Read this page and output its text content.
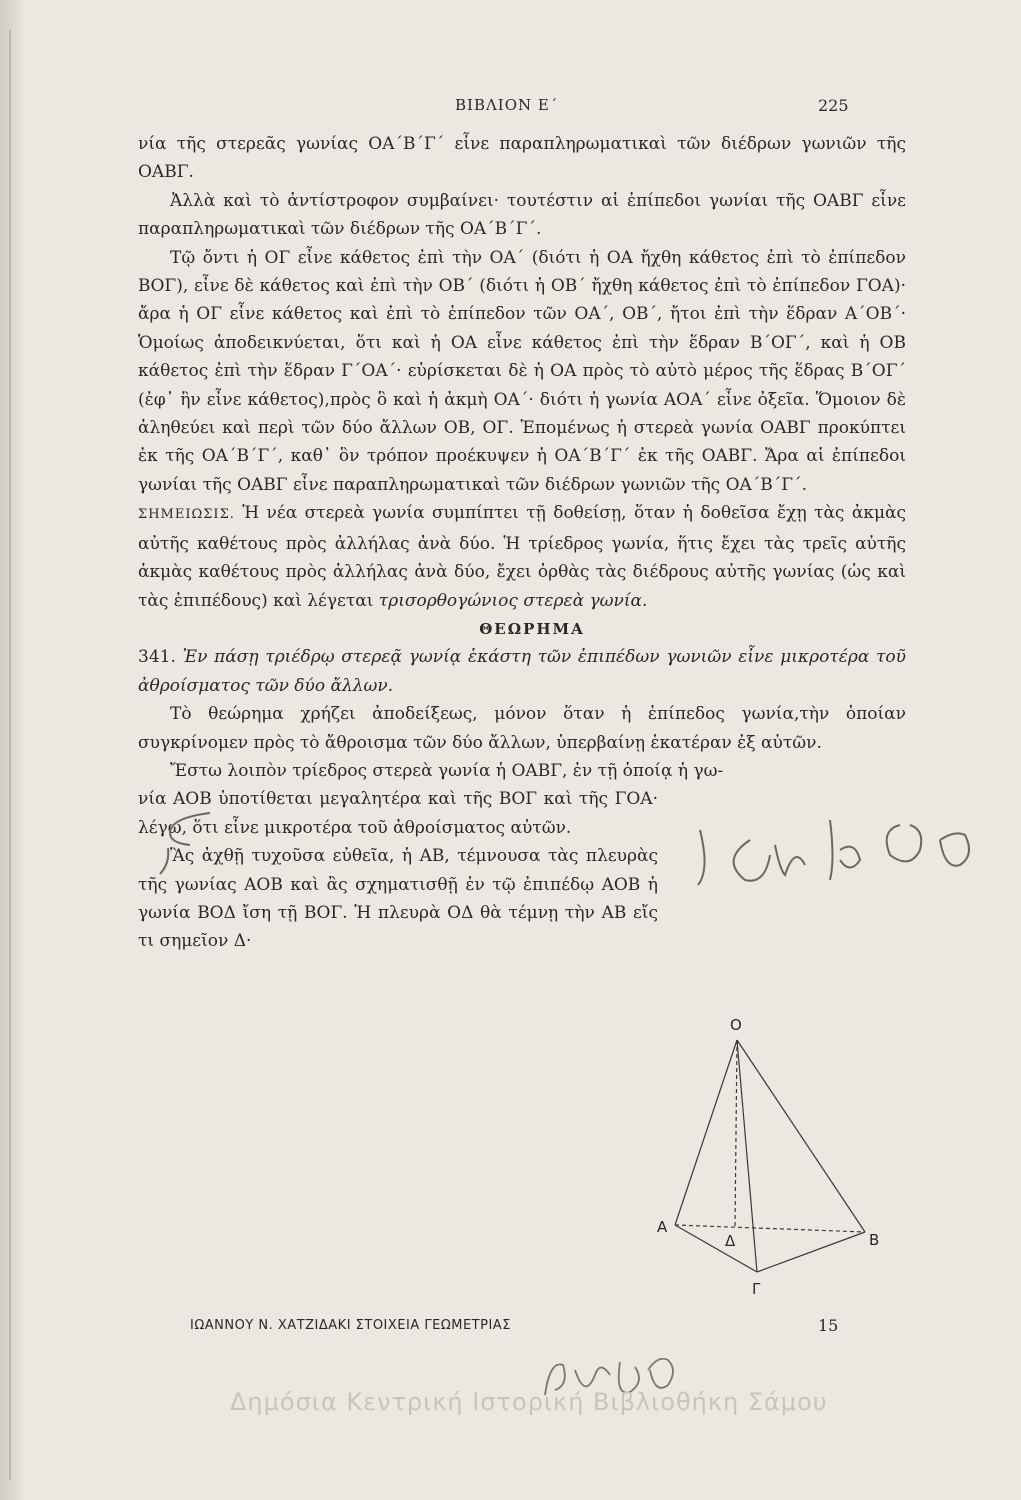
ΒΙΒΛΙΟΝ Ε΄	225

νία τῆς στερεᾶς γωνίας ΟΑ΄Β΄Γ΄ εἶνε παραπληρωματικαὶ τῶν διέδρων γωνιῶν τῆς ΟΑΒΓ.

Ἀλλὰ καὶ τὸ ἀντίστροφον συμβαίνει· τουτέστιν αἱ ἐπίπεδοι γωνίαι τῆς ΟΑΒΓ εἶνε παραπληρωματικαὶ τῶν διέδρων τῆς ΟΑ΄Β΄Γ΄.

Τῷ ὄντι ἡ ΟΓ εἶνε κάθετος ἐπὶ τὴν ΟΑ΄ (διότι ἡ ΟΑ ἤχθη κάθετος ἐπὶ τὸ ἐπίπεδον ΒΟΓ), εἶνε δὲ κάθετος καὶ ἐπὶ τὴν ΟΒ΄ (διότι ἡ ΟΒ΄ ἤχθη κάθετος ἐπὶ τὸ ἐπίπεδον ΓΟΑ)· ἄρα ἡ ΟΓ εἶνε κάθετος καὶ ἐπὶ τὸ ἐπίπεδον τῶν ΟΑ΄, ΟΒ΄, ἤτοι ἐπὶ τὴν ἕδραν Α΄ΟΒ΄· Ὁμοίως ἀποδεικνύεται, ὅτι καὶ ἡ ΟΑ εἶνε κάθετος ἐπὶ τὴν ἕδραν Β΄ΟΓ΄, καὶ ἡ ΟΒ κάθετος ἐπὶ τὴν ἕδραν Γ΄ΟΑ΄· εὑρίσκεται δὲ ἡ ΟΑ πρὸς τὸ αὐτὸ μέρος τῆς ἕδρας Β΄ΟΓ΄ (ἐφ᾽ ἣν εἶνε κάθετος),πρὸς ὃ καὶ ἡ ἀκμὴ ΟΑ΄· διότι ἡ γωνία ΑΟΑ΄ εἶνε ὀξεῖα. Ὅμοιον δὲ ἀληθεύει καὶ περὶ τῶν δύο ἄλλων ΟΒ, ΟΓ. Ἑπομένως ἡ στερεὰ γωνία ΟΑΒΓ προκύπτει ἐκ τῆς ΟΑ΄Β΄Γ΄, καθ᾽ ὃν τρόπον προέκυψεν ἡ ΟΑ΄Β΄Γ΄ ἐκ τῆς ΟΑΒΓ. Ἄρα αἱ ἐπίπεδοι γωνίαι τῆς ΟΑΒΓ εἶνε παραπληρωματικαὶ τῶν διέδρων γωνιῶν τῆς ΟΑ΄Β΄Γ΄.

ΣΗΜΕΙΩΣΙΣ. Ἡ νέα στερεὰ γωνία συμπίπτει τῇ δοθείσῃ, ὅταν ἡ δοθεῖσα ἔχῃ τὰς ἀκμὰς αὐτῆς καθέτους πρὸς ἀλλήλας ἀνὰ δύο. Ἡ τρίεδρος γωνία, ἥτις ἔχει τὰς τρεῖς αὐτῆς ἀκμὰς καθέτους πρὸς ἀλλήλας ἀνὰ δύο, ἔχει ὀρθὰς τὰς διέδρους αὐτῆς γωνίας (ὡς καὶ τὰς ἐπιπέδους) καὶ λέγεται τρισορθογώνιος στερεὰ γωνία.

ΘΕΩΡΗΜΑ

341. Ἐν πάσῃ τριέδρῳ στερεᾷ γωνίᾳ ἑκάστη τῶν ἐπιπέδων γωνιῶν εἶνε μικροτέρα τοῦ ἀθροίσματος τῶν δύο ἄλλων.

Τὸ θεώρημα χρήζει ἀποδείξεως, μόνον ὅταν ἡ ἐπίπεδος γωνία,τὴν ὁποίαν συγκρίνομεν πρὸς τὸ ἄθροισμα τῶν δύο ἄλλων, ὑπερβαίνῃ ἑκατέραν ἐξ αὐτῶν.

Ἔστω λοιπὸν τρίεδρος στερεὰ γωνία ἡ ΟΑΒΓ, ἐν τῇ ὁποίᾳ ἡ γω-

νία ΑΟΒ ὑποτίθεται μεγαλητέρα καὶ τῆς ΒΟΓ καὶ τῆς ΓΟΑ· λέγω, ὅτι εἶνε μικροτέρα τοῦ ἀθροίσματος αὐτῶν.

Ἂς ἀχθῇ τυχοῦσα εὐθεῖα, ἡ ΑΒ, τέμνουσα τὰς πλευρὰς τῆς γωνίας ΑΟΒ καὶ ἂς σχηματισθῇ ἐν τῷ ἐπιπέδῳ ΑΟΒ ἡ γωνία ΒΟΔ ἴση τῇ ΒΟΓ. Ἡ πλευρὰ ΟΔ θὰ τέμνῃ τὴν ΑΒ εἴς τι σημεῖον Δ·

O
A
B
Γ
Δ
ΙΩΑΝΝΟΥ Ν. ΧΑΤΖΙΔΑΚΙ ΣΤΟΙΧΕΙΑ ΓΕΩΜΕΤΡΙΑΣ	15
Δημόσια Κεντρική Ιστορική Βιβλιοθήκη Σάμου
